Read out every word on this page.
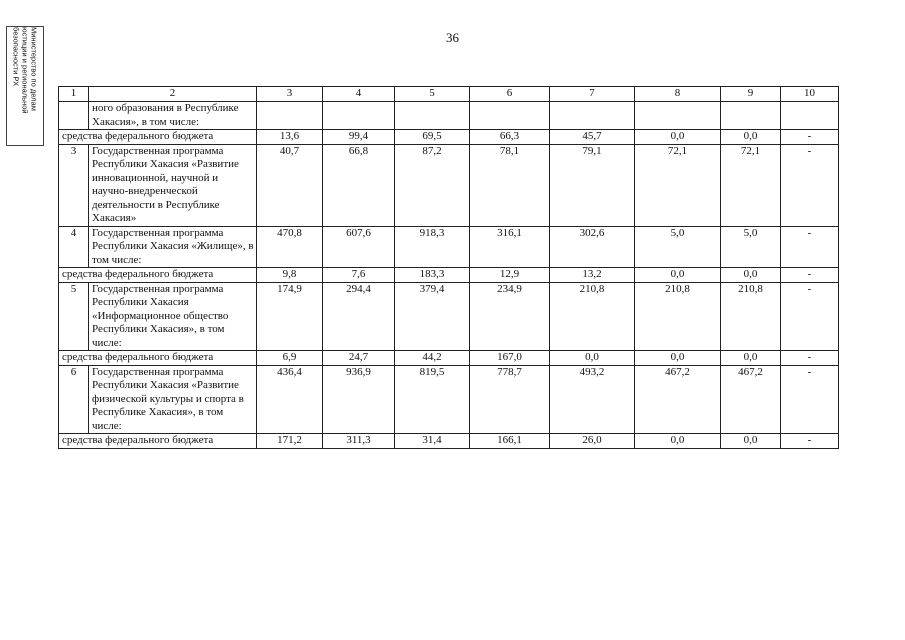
36
Министерство по делам
юстиции и региональной
безопасности РХ
1	2	3	4	5	6	7	8	9	10
	ного образования в Республике Хакасия», в том числе:								
средства федерального бюджета		13,6	99,4	69,5	66,3	45,7	0,0	0,0	-
3	Государственная программа Республики Хакасия «Развитие инновационной, научной и научно-внедренческой деятельности в Республике Хакасия»	40,7	66,8	87,2	78,1	79,1	72,1	72,1	-
4	Государственная программа Республики Хакасия «Жилище», в том числе:	470,8	607,6	918,3	316,1	302,6	5,0	5,0	-
средства федерального бюджета		9,8	7,6	183,3	12,9	13,2	0,0	0,0	-
5	Государственная программа Республики Хакасия «Информационное общество Республики Хакасия», в том числе:	174,9	294,4	379,4	234,9	210,8	210,8	210,8	-
средства федерального бюджета		6,9	24,7	44,2	167,0	0,0	0,0	0,0	-
6	Государственная программа Республики Хакасия «Развитие физической культуры и спорта в Республике Хакасия», в том числе:	436,4	936,9	819,5	778,7	493,2	467,2	467,2	-
средства федерального бюджета		171,2	311,3	31,4	166,1	26,0	0,0	0,0	-
